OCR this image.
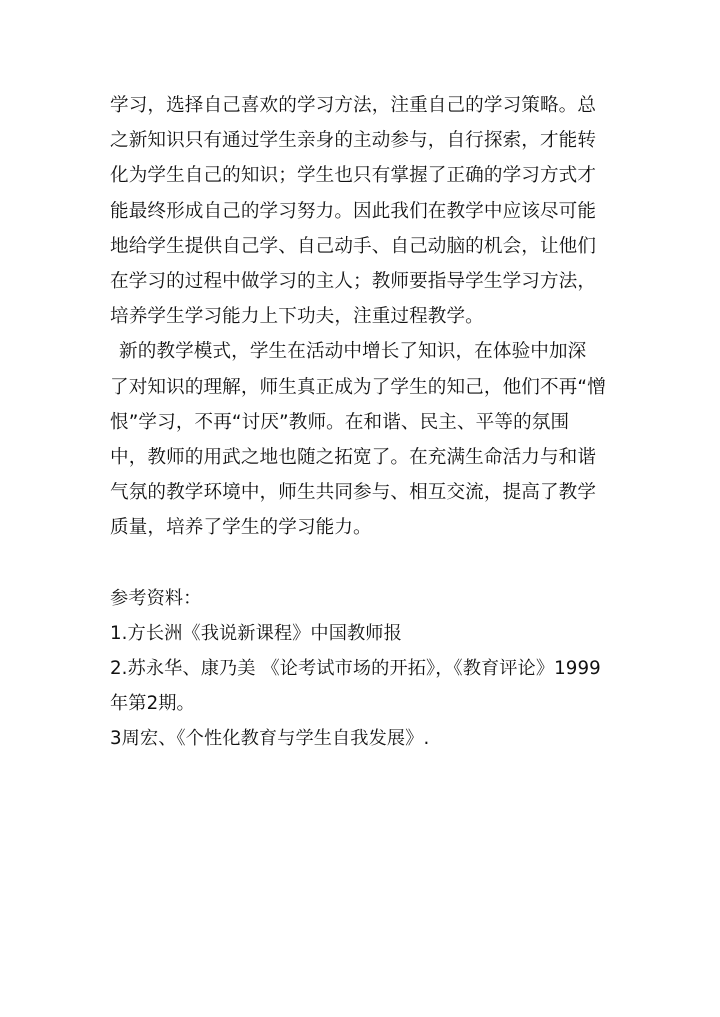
学习，选择自己喜欢的学习方法，注重自己的学习策略。总
之新知识只有通过学生亲身的主动参与，自行探索，才能转
化为学生自己的知识；学生也只有掌握了正确的学习方式才
能最终形成自己的学习努力。因此我们在教学中应该尽可能
地给学生提供自己学、自己动手、自己动脑的机会，让他们
在学习的过程中做学习的主人；教师要指导学生学习方法，
培养学生学习能力上下功夫，注重过程教学。
新的教学模式，学生在活动中增长了知识，在体验中加深
了对知识的理解，师生真正成为了学生的知己，他们不再“憎
恨”学习，不再“讨厌”教师。在和谐、民主、平等的氛围
中，教师的用武之地也随之拓宽了。在充满生命活力与和谐
气氛的教学环境中，师生共同参与、相互交流，提高了教学
质量，培养了学生的学习能力。
参考资料：
1.方长洲《我说新课程》中国教师报
2.苏永华、康乃美 《论考试市场的开拓》，《教育评论》1999
年第2期。
3周宏、《个性化教育与学生自我发展》.
